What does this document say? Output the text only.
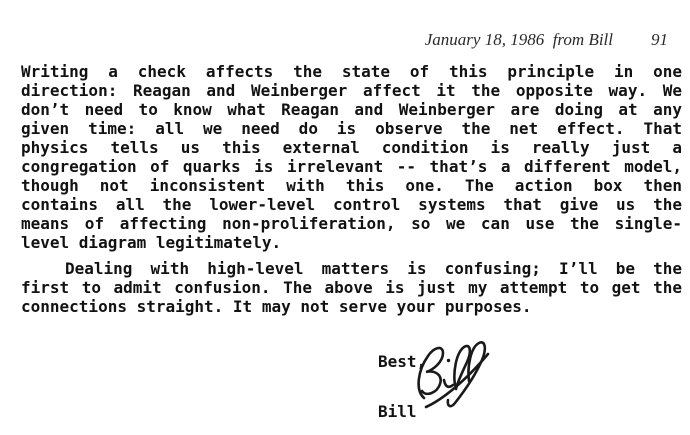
January 18, 1986  from Bill 91

Writing a check affects the state of this principle in one
direction: Reagan and Weinberger affect it the opposite way. We
don’t need to know what Reagan and Weinberger are doing at any
given time: all we need do is observe the net effect. That
physics tells us this external condition is really just a
congregation of quarks is irrelevant -- that’s a different model,
though not inconsistent with this one. The action box then
contains all the lower-level control systems that give us the
means of affecting non-proliferation, so we can use the single-
level diagram legitimately.
Dealing with high-level matters is confusing; I’ll be the
first to admit confusion. The above is just my attempt to get the
connections straight. It may not serve your purposes.
Best,
Bill
